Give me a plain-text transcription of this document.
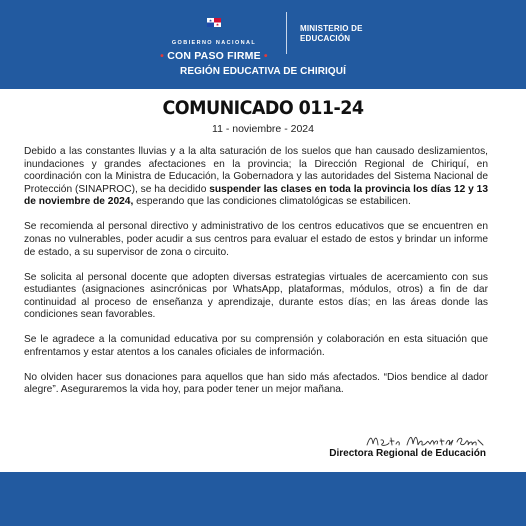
GOBIERNO NACIONAL
• CON PASO FIRME •
MINISTERIO DE
EDUCACIÓN
REGIÓN EDUCATIVA DE CHIRIQUÍ
COMUNICADO 011-24
11 - noviembre - 2024

Debido a las constantes lluvias y a la alta saturación de los suelos que han causado deslizamientos, inundaciones y grandes afectaciones en la provincia; la Dirección Regional de Chiriquí, en coordinación con la Ministra de Educación, la Gobernadora y las autoridades del Sistema Nacional de Protección (SINAPROC), se ha decidido suspender las clases en toda la provincia los días 12 y 13 de noviembre de 2024, esperando que las condiciones climatológicas se estabilicen.

Se recomienda al personal directivo y administrativo de los centros educativos que se encuentren en zonas no vulnerables, poder acudir a sus centros para evaluar el estado de estos y brindar un informe de estado, a su supervisor de zona o circuito.

Se solicita al personal docente que adopten diversas estrategias virtuales de acercamiento con sus estudiantes (asignaciones asincrónicas por WhatsApp, plataformas, módulos, otros) a fin de dar continuidad al proceso de enseñanza y aprendizaje, durante estos días; en las áreas donde las condiciones sean favorables.

Se le agradece a la comunidad educativa por su comprensión y colaboración en esta situación que enfrentamos y estar atentos a los canales oficiales de información.

No olviden hacer sus donaciones para aquellos que han sido más afectados. “Dios bendice al dador alegre”. Aseguraremos la vida hoy, para poder tener un mejor mañana.

Directora Regional de Educación
